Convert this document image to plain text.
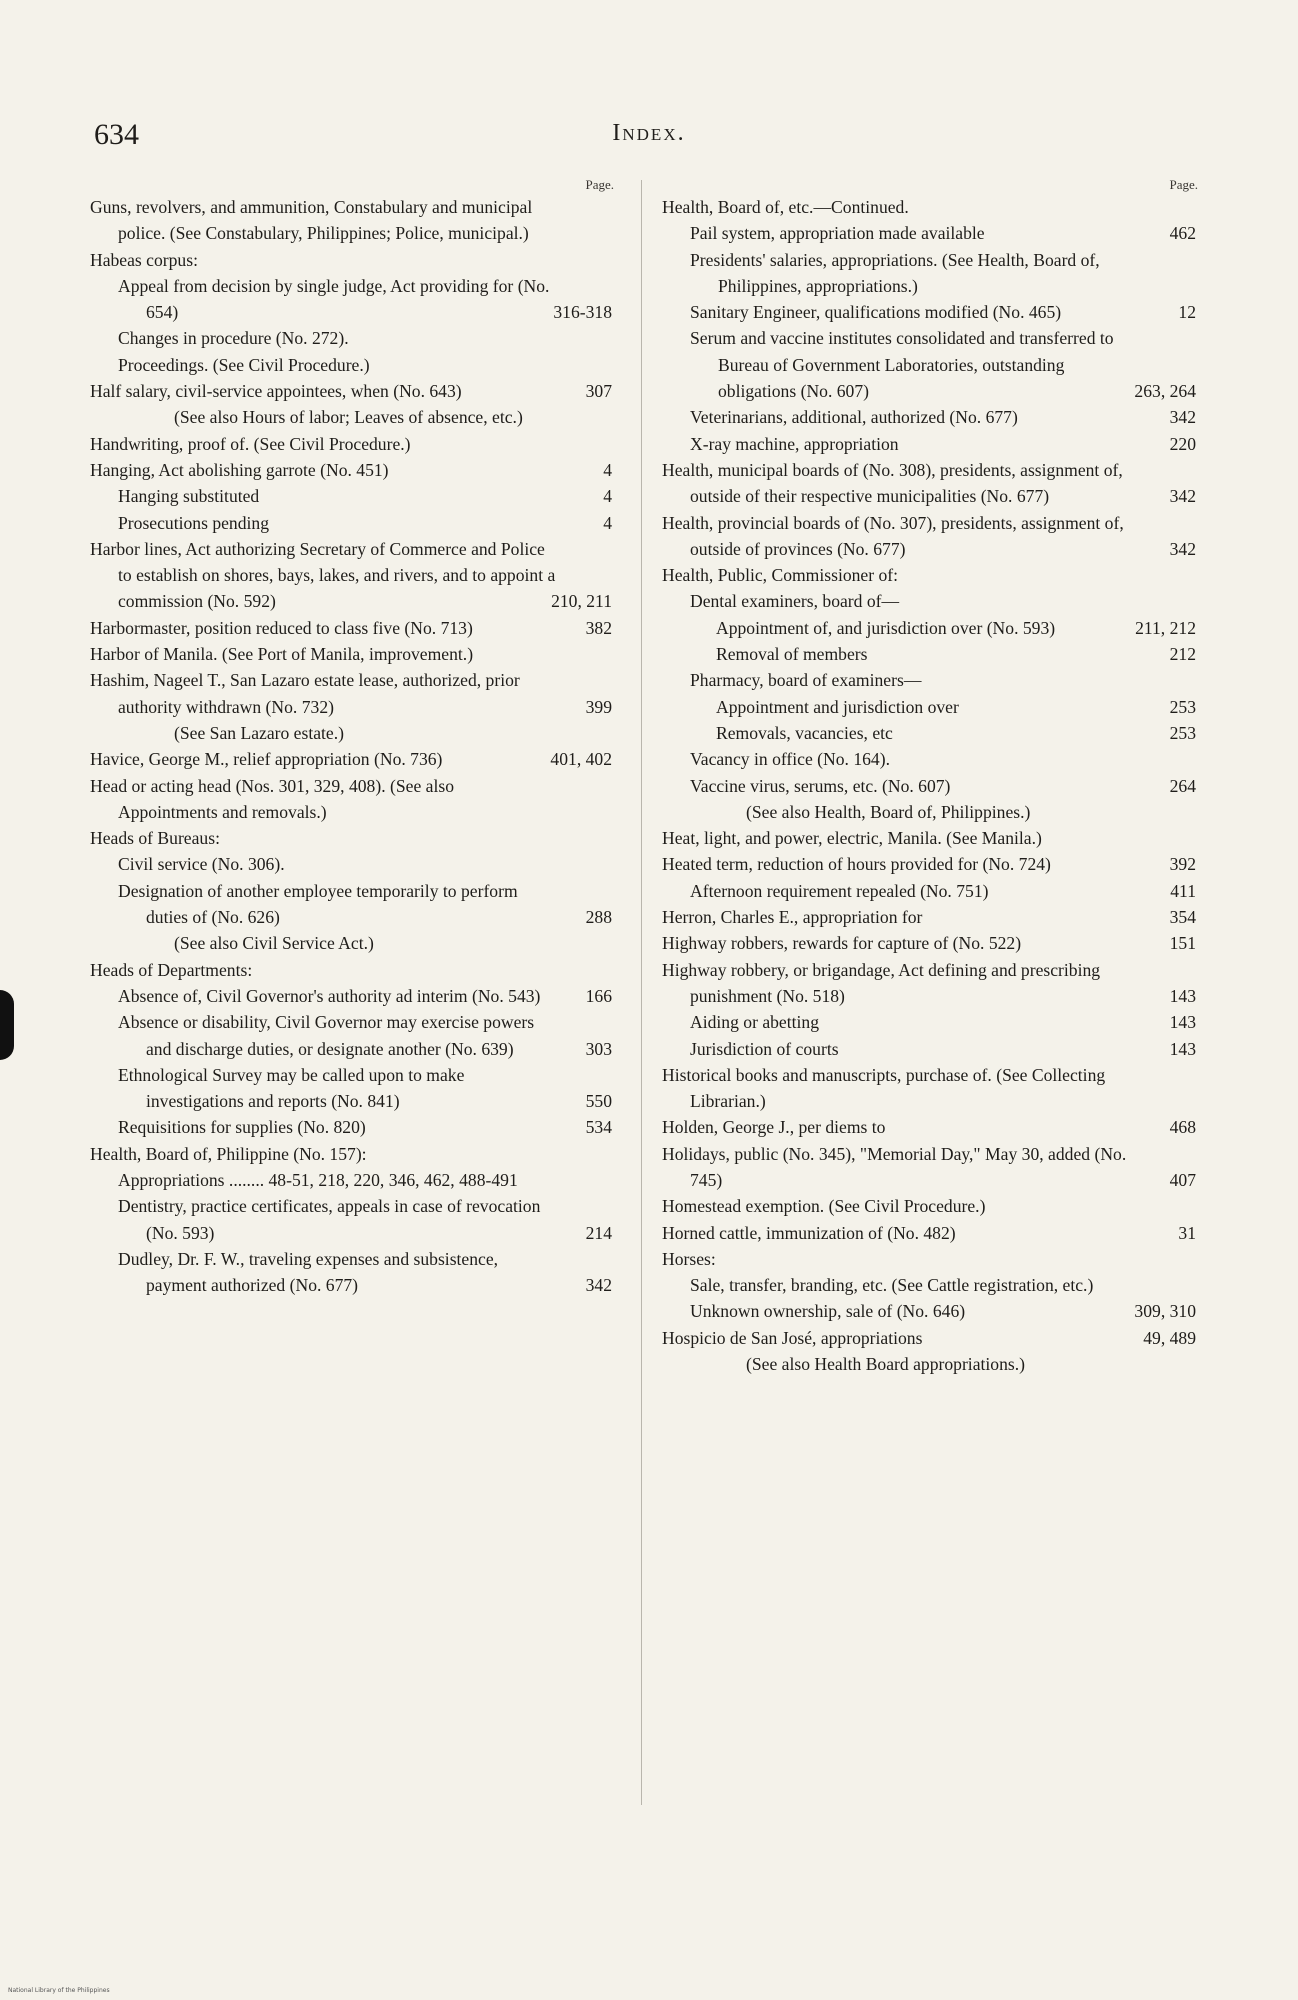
634	Index.
Page.
Guns, revolvers, and ammunition, Constabulary and municipal police. (See Constabulary, Philippines; Police, municipal.)
Habeas corpus:
Appeal from decision by single judge, Act providing for (No. 654)	316-318
Changes in procedure (No. 272).
Proceedings. (See Civil Procedure.)
Half salary, civil-service appointees, when (No. 643)	307
(See also Hours of labor; Leaves of absence, etc.)
Handwriting, proof of. (See Civil Procedure.)
Hanging, Act abolishing garrote (No. 451)	4
Hanging substituted	4
Prosecutions pending	4
Harbor lines, Act authorizing Secretary of Commerce and Police to establish on shores, bays, lakes, and rivers, and to appoint a commission (No. 592)	210, 211
Harbormaster, position reduced to class five (No. 713)	382
Harbor of Manila. (See Port of Manila, improvement.)
Hashim, Nageel T., San Lazaro estate lease, authorized, prior authority withdrawn (No. 732)	399
(See San Lazaro estate.)
Havice, George M., relief appropriation (No. 736)	401, 402
Head or acting head (Nos. 301, 329, 408). (See also Appointments and removals.)
Heads of Bureaus:
Civil service (No. 306).
Designation of another employee temporarily to perform duties of (No. 626)	288
(See also Civil Service Act.)
Heads of Departments:
Absence of, Civil Governor's authority ad interim (No. 543)	166
Absence or disability, Civil Governor may exercise powers and discharge duties, or designate another (No. 639)	303
Ethnological Survey may be called upon to make investigations and reports (No. 841)	550
Requisitions for supplies (No. 820)	534
Health, Board of, Philippine (No. 157):
Appropriations ........ 48-51, 218, 220, 346, 462, 488-491
Dentistry, practice certificates, appeals in case of revocation (No. 593)	214
Dudley, Dr. F. W., traveling expenses and subsistence, payment authorized (No. 677)	342
Page.
Health, Board of, etc.—Continued.
Pail system, appropriation made available	462
Presidents' salaries, appropriations. (See Health, Board of, Philippines, appropriations.)
Sanitary Engineer, qualifications modified (No. 465)	12
Serum and vaccine institutes consolidated and transferred to Bureau of Government Laboratories, outstanding obligations (No. 607)	263, 264
Veterinarians, additional, authorized (No. 677)	342
X-ray machine, appropriation	220
Health, municipal boards of (No. 308), presidents, assignment of, outside of their respective municipalities (No. 677)	342
Health, provincial boards of (No. 307), presidents, assignment of, outside of provinces (No. 677)	342
Health, Public, Commissioner of:
Dental examiners, board of—
Appointment of, and jurisdiction over (No. 593)	211, 212
Removal of members	212
Pharmacy, board of examiners—
Appointment and jurisdiction over	253
Removals, vacancies, etc	253
Vacancy in office (No. 164).
Vaccine virus, serums, etc. (No. 607)	264
(See also Health, Board of, Philippines.)
Heat, light, and power, electric, Manila. (See Manila.)
Heated term, reduction of hours provided for (No. 724)	392
Afternoon requirement repealed (No. 751)	411
Herron, Charles E., appropriation for	354
Highway robbers, rewards for capture of (No. 522)	151
Highway robbery, or brigandage, Act defining and prescribing punishment (No. 518)	143
Aiding or abetting	143
Jurisdiction of courts	143
Historical books and manuscripts, purchase of. (See Collecting Librarian.)
Holden, George J., per diems to	468
Holidays, public (No. 345), "Memorial Day," May 30, added (No. 745)	407
Homestead exemption. (See Civil Procedure.)
Horned cattle, immunization of (No. 482)	31
Horses:
Sale, transfer, branding, etc. (See Cattle registration, etc.)
Unknown ownership, sale of (No. 646)	309, 310
Hospicio de San José, appropriations	49, 489
(See also Health Board appropriations.)
National Library of the Philippines
